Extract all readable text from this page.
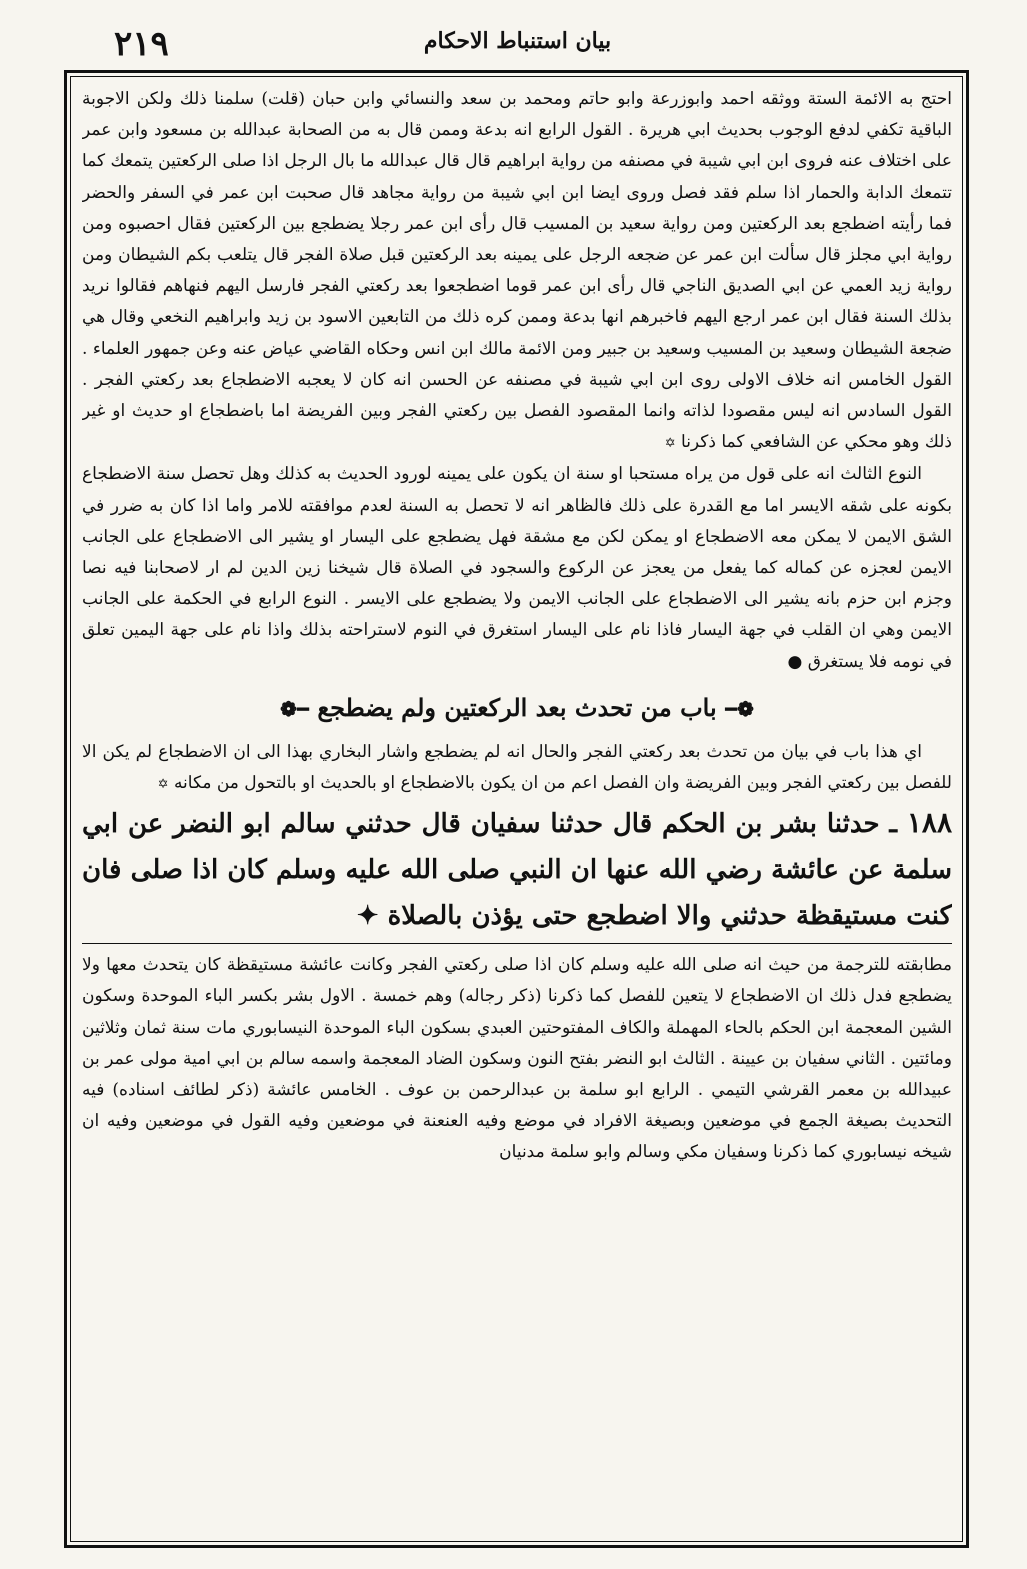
٢١٩	بيان استنباط الاحكام

احتج به الائمة الستة ووثقه احمد وابوزرعة وابو حاتم ومحمد بن سعد والنسائي وابن حبان (قلت) سلمنا ذلك ولكن الاجوبة الباقية تكفي لدفع الوجوب بحديث ابي هريرة . القول الرابع انه بدعة وممن قال به من الصحابة عبدالله بن مسعود وابن عمر على اختلاف عنه فروى ابن ابي شيبة في مصنفه من رواية ابراهيم قال قال عبدالله ما بال الرجل اذا صلى الركعتين يتمعك كما تتمعك الدابة والحمار اذا سلم فقد فصل وروى ايضا ابن ابي شيبة من رواية مجاهد قال صحبت ابن عمر في السفر والحضر فما رأيته اضطجع بعد الركعتين ومن رواية سعيد بن المسيب قال رأى ابن عمر رجلا يضطجع بين الركعتين فقال احصبوه ومن رواية ابي مجلز قال سألت ابن عمر عن ضجعه الرجل على يمينه بعد الركعتين قبل صلاة الفجر قال يتلعب بكم الشيطان ومن رواية زيد العمي عن ابي الصديق الناجي قال رأى ابن عمر قوما اضطجعوا بعد ركعتي الفجر فارسل اليهم فنهاهم فقالوا نريد بذلك السنة فقال ابن عمر ارجع اليهم فاخبرهم انها بدعة وممن كره ذلك من التابعين الاسود بن زيد وابراهيم النخعي وقال هي ضجعة الشيطان وسعيد بن المسيب وسعيد بن جبير ومن الائمة مالك ابن انس وحكاه القاضي عياض عنه وعن جمهور العلماء . القول الخامس انه خلاف الاولى روى ابن ابي شيبة في مصنفه عن الحسن انه كان لا يعجبه الاضطجاع بعد ركعتي الفجر . القول السادس انه ليس مقصودا لذاته وانما المقصود الفصل بين ركعتي الفجر وبين الفريضة اما باضطجاع او حديث او غير ذلك وهو محكي عن الشافعي كما ذكرنا ✡

النوع الثالث انه على قول من يراه مستحبا او سنة ان يكون على يمينه لورود الحديث به كذلك وهل تحصل سنة الاضطجاع بكونه على شقه الايسر اما مع القدرة على ذلك فالظاهر انه لا تحصل به السنة لعدم موافقته للامر واما اذا كان به ضرر في الشق الايمن لا يمكن معه الاضطجاع او يمكن لكن مع مشقة فهل يضطجع على اليسار او يشير الى الاضطجاع على الجانب الايمن لعجزه عن كماله كما يفعل من يعجز عن الركوع والسجود في الصلاة قال شيخنا زين الدين لم ار لاصحابنا فيه نصا وجزم ابن حزم بانه يشير الى الاضطجاع على الجانب الايمن ولا يضطجع على الايسر . النوع الرابع في الحكمة على الجانب الايمن وهي ان القلب في جهة اليسار فاذا نام على اليسار استغرق في النوم لاستراحته بذلك واذا نام على جهة اليمين تعلق في نومه فلا يستغرق ●

❁━ باب من تحدث بعد الركعتين ولم يضطجع ━❁

اي هذا باب في بيان من تحدث بعد ركعتي الفجر والحال انه لم يضطجع واشار البخاري بهذا الى ان الاضطجاع لم يكن الا للفصل بين ركعتي الفجر وبين الفريضة وان الفصل اعم من ان يكون بالاضطجاع او بالحديث او بالتحول من مكانه ✡

١٨٨ ـ حدثنا بشر بن الحكم قال حدثنا سفيان قال حدثني سالم ابو النضر عن ابي سلمة عن عائشة رضي الله عنها ان النبي صلى الله عليه وسلم كان اذا صلى فان كنت مستيقظة حدثني والا اضطجع حتى يؤذن بالصلاة ✦

مطابقته للترجمة من حيث انه صلى الله عليه وسلم كان اذا صلى ركعتي الفجر وكانت عائشة مستيقظة كان يتحدث معها ولا يضطجع فدل ذلك ان الاضطجاع لا يتعين للفصل كما ذكرنا (ذكر رجاله) وهم خمسة . الاول بشر بكسر الباء الموحدة وسكون الشين المعجمة ابن الحكم بالحاء المهملة والكاف المفتوحتين العبدي بسكون الباء الموحدة النيسابوري مات سنة ثمان وثلاثين ومائتين . الثاني سفيان بن عيينة . الثالث ابو النضر بفتح النون وسكون الضاد المعجمة واسمه سالم بن ابي امية مولى عمر بن عبيدالله بن معمر القرشي التيمي . الرابع ابو سلمة بن عبدالرحمن بن عوف . الخامس عائشة (ذكر لطائف اسناده) فيه التحديث بصيغة الجمع في موضعين وبصيغة الافراد في موضع وفيه العنعنة في موضعين وفيه القول في موضعين وفيه ان شيخه نيسابوري كما ذكرنا وسفيان مكي وسالم وابو سلمة مدنيان
